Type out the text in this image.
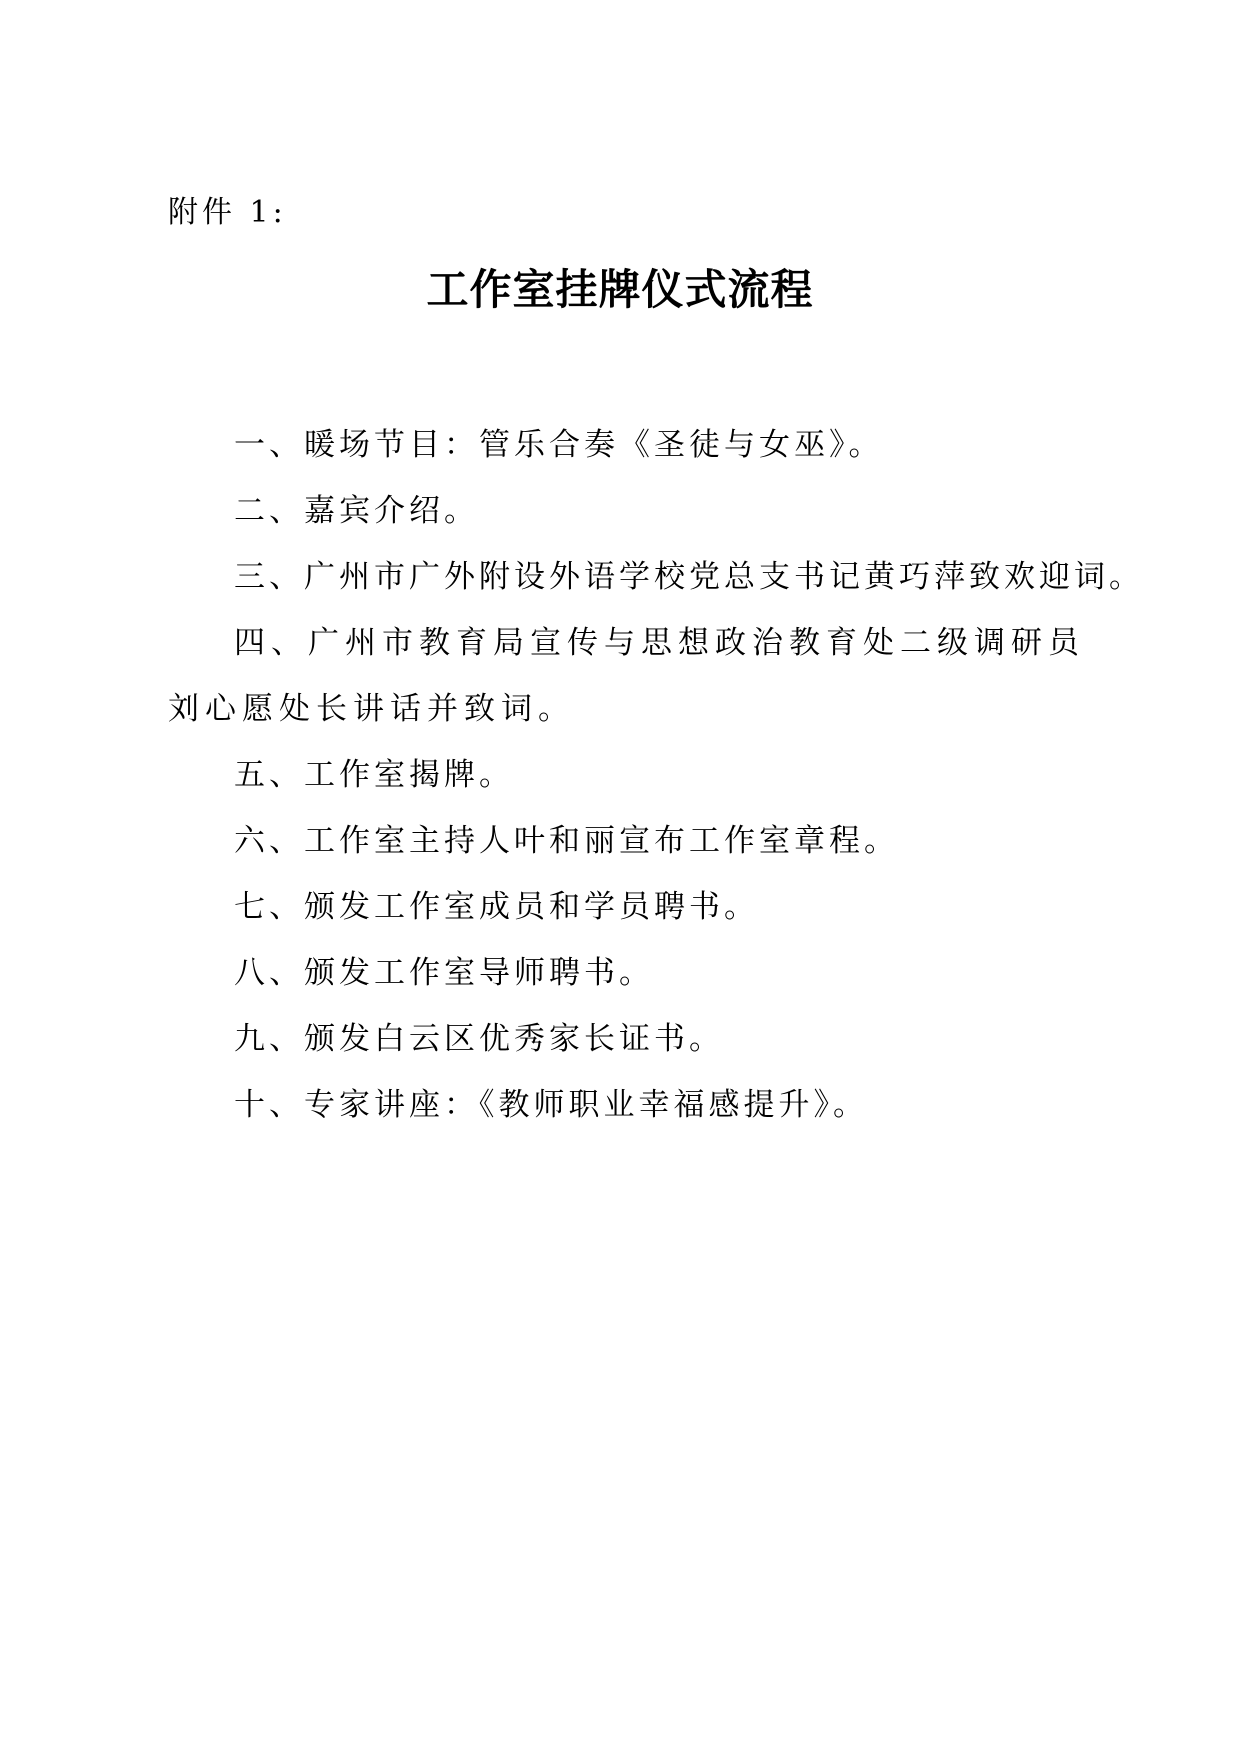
附件 1:
工作室挂牌仪式流程
一、暖场节目：管乐合奏《圣徒与女巫》。
二、嘉宾介绍。
三、广州市广外附设外语学校党总支书记黄巧萍致欢迎词。
四、广州市教育局宣传与思想政治教育处二级调研员刘心愿处长讲话并致词。
五、工作室揭牌。
六、工作室主持人叶和丽宣布工作室章程。
七、颁发工作室成员和学员聘书。
八、颁发工作室导师聘书。
九、颁发白云区优秀家长证书。
十、专家讲座：《教师职业幸福感提升》。
